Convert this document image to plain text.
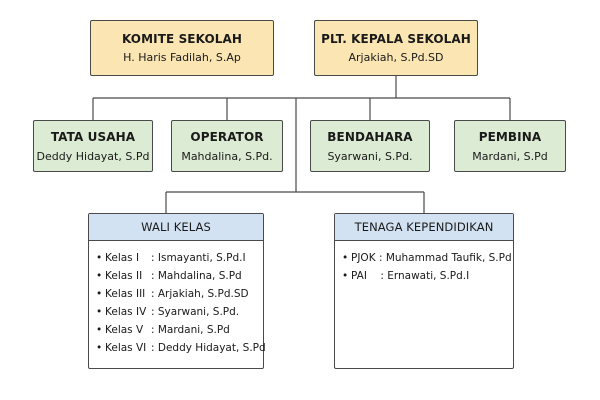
KOMITE SEKOLAH
H. Haris Fadilah, S.Ap
PLT. KEPALA SEKOLAH
Arjakiah, S.Pd.SD
TATA USAHA
Deddy Hidayat, S.Pd
OPERATOR
Mahdalina, S.Pd.
BENDAHARA
Syarwani, S.Pd.
PEMBINA
Mardani, S.Pd
WALI KELAS
• Kelas I : Ismayanti, S.Pd.I
• Kelas II : Mahdalina, S.Pd
• Kelas III : Arjakiah, S.Pd.SD
• Kelas IV : Syarwani, S.Pd.
• Kelas V : Mardani, S.Pd
• Kelas VI : Deddy Hidayat, S.Pd
TENAGA KEPENDIDIKAN
• PJOK : Muhammad Taufik, S.Pd
• PAI : Ernawati, S.Pd.I
